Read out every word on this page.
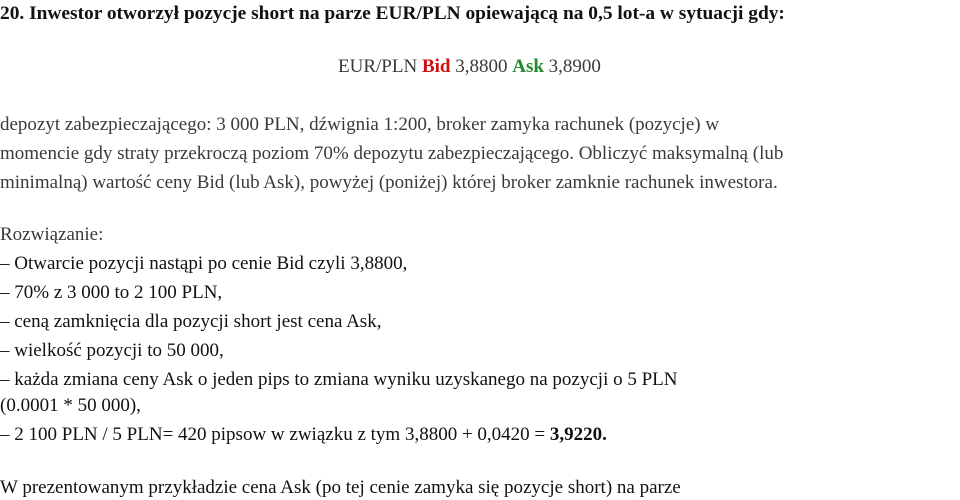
20. Inwestor otworzył pozycje short na parze EUR/PLN opiewającą na 0,5 lot-a w sytuacji gdy:
EUR/PLN Bid 3,8800 Ask 3,8900
depozyt zabezpieczającego: 3 000 PLN, dźwignia 1:200, broker zamyka rachunek (pozycje) w
momencie gdy straty przekroczą poziom 70% depozytu zabezpieczającego. Obliczyć maksymalną (lub
minimalną) wartość ceny Bid (lub Ask), powyżej (poniżej) której broker zamknie rachunek inwestora.
Rozwiązanie:
– Otwarcie pozycji nastąpi po cenie Bid czyli 3,8800,
– 70% z 3 000 to 2 100 PLN,
– ceną zamknięcia dla pozycji short jest cena Ask,
– wielkość pozycji to 50 000,
– każda zmiana ceny Ask o jeden pips to zmiana wyniku uzyskanego na pozycji o 5 PLN
(0.0001 * 50 000),
– 2 100 PLN / 5 PLN= 420 pipsow w związku z tym 3,8800 + 0,0420 = 3,9220.
W prezentowanym przykładzie cena Ask (po tej cenie zamyka się pozycje short) na parze
